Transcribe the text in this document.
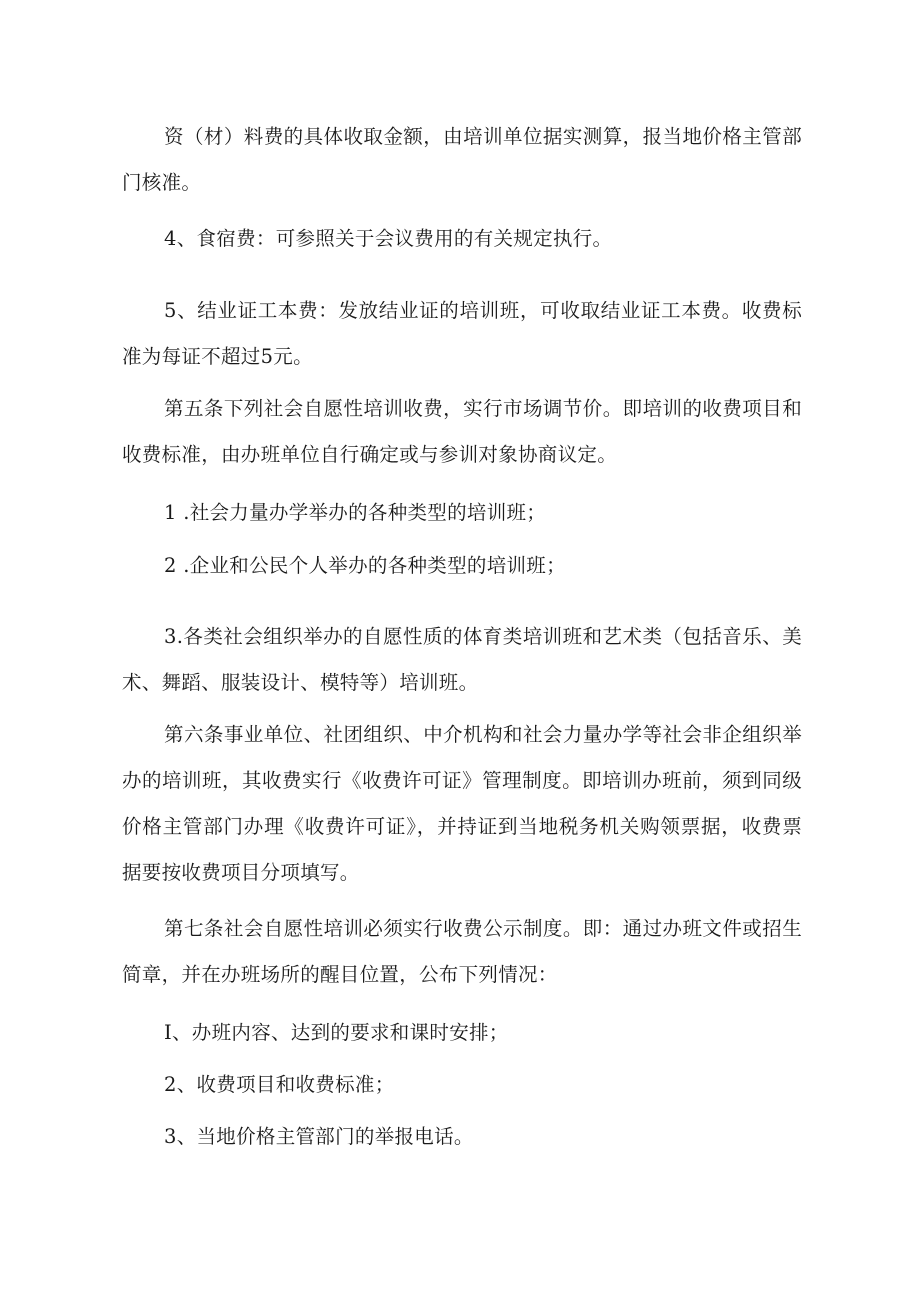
资（材）料费的具体收取金额，由培训单位据实测算，报当地价格主管部门核准。

4、食宿费：可参照关于会议费用的有关规定执行。

5、结业证工本费：发放结业证的培训班，可收取结业证工本费。收费标准为每证不超过5元。

第五条下列社会自愿性培训收费，实行市场调节价。即培训的收费项目和收费标准，由办班单位自行确定或与参训对象协商议定。

1 .社会力量办学举办的各种类型的培训班；

2 .企业和公民个人举办的各种类型的培训班；

3.各类社会组织举办的自愿性质的体育类培训班和艺术类（包括音乐、美术、舞蹈、服装设计、模特等）培训班。

第六条事业单位、社团组织、中介机构和社会力量办学等社会非企组织举办的培训班，其收费实行《收费许可证》管理制度。即培训办班前，须到同级价格主管部门办理《收费许可证》，并持证到当地税务机关购领票据，收费票据要按收费项目分项填写。

第七条社会自愿性培训必须实行收费公示制度。即：通过办班文件或招生简章，并在办班场所的醒目位置，公布下列情况：

I、办班内容、达到的要求和课时安排；

2、收费项目和收费标准；

3、当地价格主管部门的举报电话。
